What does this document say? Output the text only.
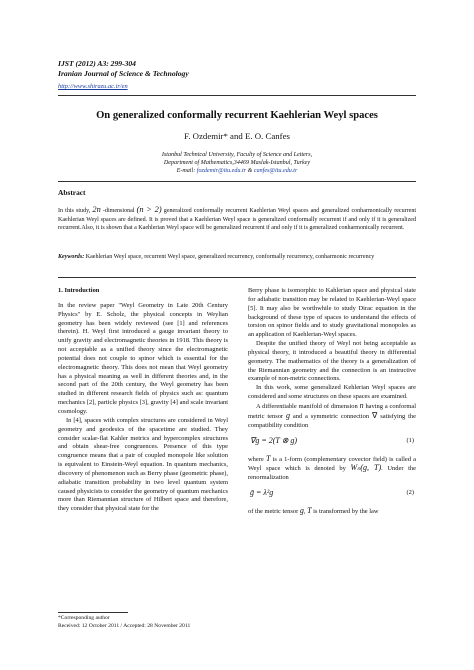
IJST (2012) A3: 299-304
Iranian Journal of Science & Technology
http://www.shirazu.ac.ir/en
On generalized conformally recurrent Kaehlerian Weyl spaces
F. Ozdemir* and E. O. Canfes
Istanbul Technical University, Faculty of Science and Letters,
Department of Mathematics,34469 Maslak-Istanbul, Turkey
E-mail: fozdemir@itu.edu.tr & canfes@itu.edu.tr
Abstract
In this study, 2n -dimensional (n > 2) generalized conformally recurrent Kaehlerian Weyl spaces and generalized conharmonically recurrent Kaehlerian Weyl spaces are defined. It is proved that a Kaehlerian Weyl space is generalized conformally recurrent if and only if it is generalized recurrent.Also, it is shown that a Kaehlerian Weyl space will be generalized recurrent if and only if it is generalized conharmonically recurrent.
Keywords: Kaehlerian Weyl space, recurrent Weyl space, generalized recurrency, conformally recurrency, conharmonic recurrency
1. Introduction

In the review paper "Weyl Geometry in Late 20th Century Physics" by E. Scholz, the physical concepts in Weylian geometry has been widely reviewed (see [1] and references therein). H. Weyl first introduced a gauge invariant theory to unify gravity and electromagnetic theories in 1918. This theory is not acceptable as a unified theory since the electromagnetic potential does not couple to spinor which is essential for the electromagnetic theory. This does not mean that Weyl geometry has a physical meaning as well in different theories and, in the second part of the 20th century, the Weyl geometry has been studied in different research fields of physics such as: quantum mechanics [2], particle physics [3], gravity [4] and scale invariant cosmology.

In [4], spaces with complex structures are considered in Weyl geometry and geodesics of the spacetime are studied. They consider scalar-flat Kahler metrics and hypercomplex structures and obtain shear-free congruences. Presence of this type congruence means that a pair of coupled monopole like solution is equivalent to Einstein-Weyl equation. In quantum mechanics, discovery of phenomenon such as Berry phase (geometric phase), adiabatic transition probability in two level quantum system caused physicists to consider the geometry of quantum mechanics more than Riemannian structure of Hilbert space and therefore, they consider that physical state for the

Berry phase is isomorphic to Kahlerian space and physical state for adiabatic transition may be related to Kaehlerian-Weyl space [5]. It may also be worthwhile to study Dirac equation in the background of these type of spaces to understand the effects of torsion on spinor fields and to study gravitational monopoles as an application of Kaehlerian-Weyl spaces.

Despite the unified theory of Weyl not being acceptable as physical theory, it introduced a beautiful theory in differential geometry. The mathematics of the theory is a generalization of the Riemannian geometry and the connection is an instructive example of non-metric connections.

In this work, some generalized Kehlerian Weyl spaces are considered and some structures on these spaces are examined.

A differentiable manifold of dimension n having a conformal metric tensor g and a symmetric connection ∇ satisfying the compatibility condition

∇g = 2(T ⊗ g)	(1)

where T is a 1-form (complementary covector field) is called a Weyl space which is denoted by Wₙ(g, T). Under the renormalization

ḡ = λ²g	(2)

of the metric tensor g, T is transformed by the law

*Corresponding author
Received: 12 October 2011 / Accepted: 28 November 2011
